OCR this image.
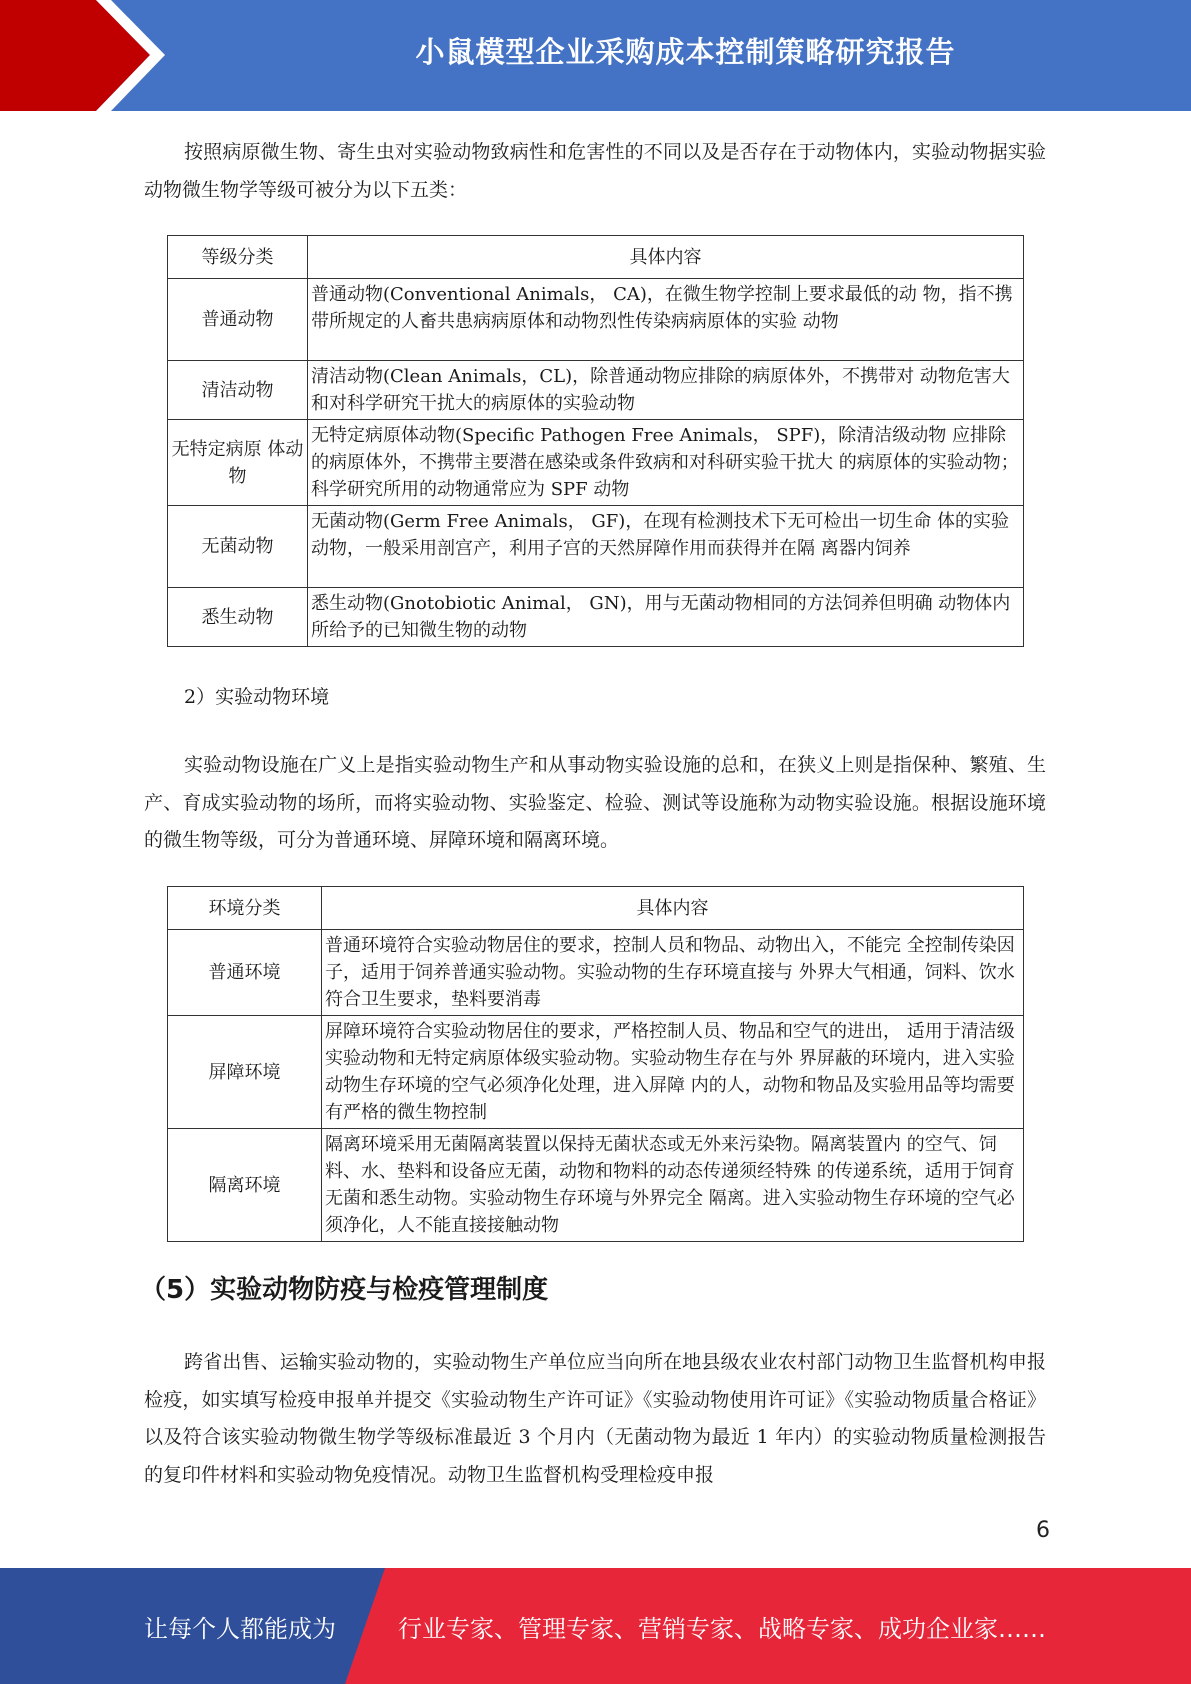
小鼠模型企业采购成本控制策略研究报告

按照病原微生物、寄生虫对实验动物致病性和危害性的不同以及是否存在于动物体内，实验动物据实验动物微生物学等级可被分为以下五类：

等级分类	具体内容
普通动物	普通动物(Conventional Animals， CA)，在微生物学控制上要求最低的动 物，指不携带所规定的人畜共患病病原体和动物烈性传染病病原体的实验 动物
清洁动物	清洁动物(Clean Animals，CL)，除普通动物应排除的病原体外，不携带对 动物危害大和对科学研究干扰大的病原体的实验动物
无特定病原 体动物	无特定病原体动物(Specific Pathogen Free Animals， SPF)，除清洁级动物 应排除的病原体外，不携带主要潜在感染或条件致病和对科研实验干扰大 的病原体的实验动物；科学研究所用的动物通常应为 SPF 动物
无菌动物	无菌动物(Germ Free Animals， GF)，在现有检测技术下无可检出一切生命 体的实验动物，一般采用剖宫产，利用子宫的天然屏障作用而获得并在隔 离器内饲养
悉生动物	悉生动物(Gnotobiotic Animal， GN)，用与无菌动物相同的方法饲养但明确 动物体内所给予的已知微生物的动物

2）实验动物环境

实验动物设施在广义上是指实验动物生产和从事动物实验设施的总和，在狭义上则是指保种、繁殖、生产、育成实验动物的场所，而将实验动物、实验鉴定、检验、测试等设施称为动物实验设施。根据设施环境的微生物等级，可分为普通环境、屏障环境和隔离环境。

环境分类	具体内容
普通环境	普通环境符合实验动物居住的要求，控制人员和物品、动物出入，不能完 全控制传染因子，适用于饲养普通实验动物。实验动物的生存环境直接与 外界大气相通，饲料、饮水符合卫生要求，垫料要消毒
屏障环境	屏障环境符合实验动物居住的要求，严格控制人员、物品和空气的进出， 适用于清洁级实验动物和无特定病原体级实验动物。实验动物生存在与外 界屏蔽的环境内，进入实验动物生存环境的空气必须净化处理，进入屏障 内的人，动物和物品及实验用品等均需要有严格的微生物控制
隔离环境	隔离环境采用无菌隔离装置以保持无菌状态或无外来污染物。隔离装置内 的空气、饲料、水、垫料和设备应无菌，动物和物料的动态传递须经特殊 的传递系统，适用于饲育无菌和悉生动物。实验动物生存环境与外界完全 隔离。进入实验动物生存环境的空气必须净化，人不能直接接触动物
（5）实验动物防疫与检疫管理制度

跨省出售、运输实验动物的，实验动物生产单位应当向所在地县级农业农村部门动物卫生监督机构申报检疫，如实填写检疫申报单并提交《实验动物生产许可证》《实验动物使用许可证》《实验动物质量合格证》以及符合该实验动物微生物学等级标准最近 3 个月内（无菌动物为最近 1 年内）的实验动物质量检测报告的复印件材料和实验动物免疫情况。动物卫生监督机构受理检疫申报

6
让每个人都能成为	行业专家、管理专家、营销专家、战略专家、成功企业家……
